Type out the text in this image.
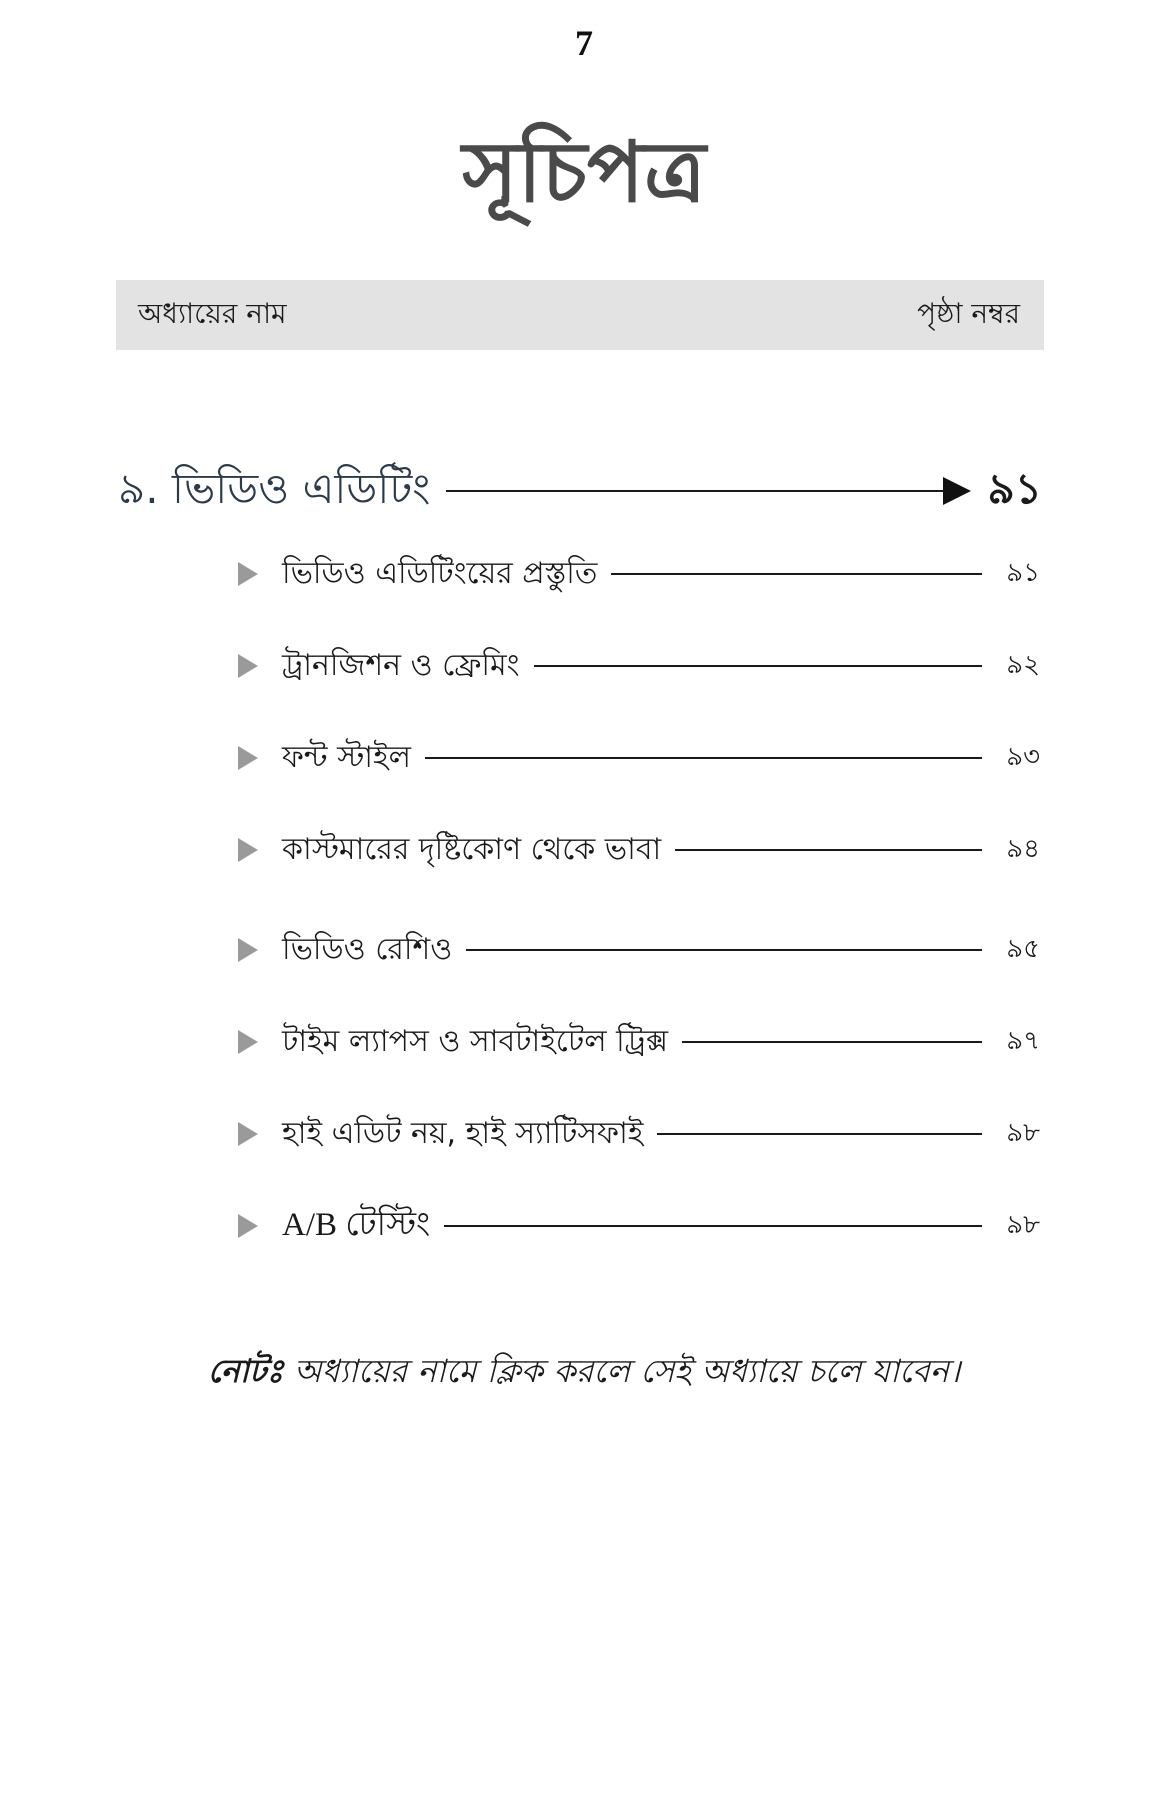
7
সূচিপত্র
অধ্যায়ের নাম	পৃষ্ঠা নম্বর
৯. ভিডিও এডিটিং	৯১
ভিডিও এডিটিংয়ের প্রস্তুতি	৯১
ট্রানজিশন ও ফ্রেমিং	৯২
ফন্ট স্টাইল	৯৩
কাস্টমারের দৃষ্টিকোণ থেকে ভাবা	৯৪
ভিডিও রেশিও	৯৫
টাইম ল্যাপস ও সাবটাইটেল ট্রিক্স	৯৭
হাই এডিট নয়, হাই স্যাটিসফাই	৯৮
A/B টেস্টিং	৯৮
নোটঃ অধ্যায়ের নামে ক্লিক করলে সেই অধ্যায়ে চলে যাবেন।
